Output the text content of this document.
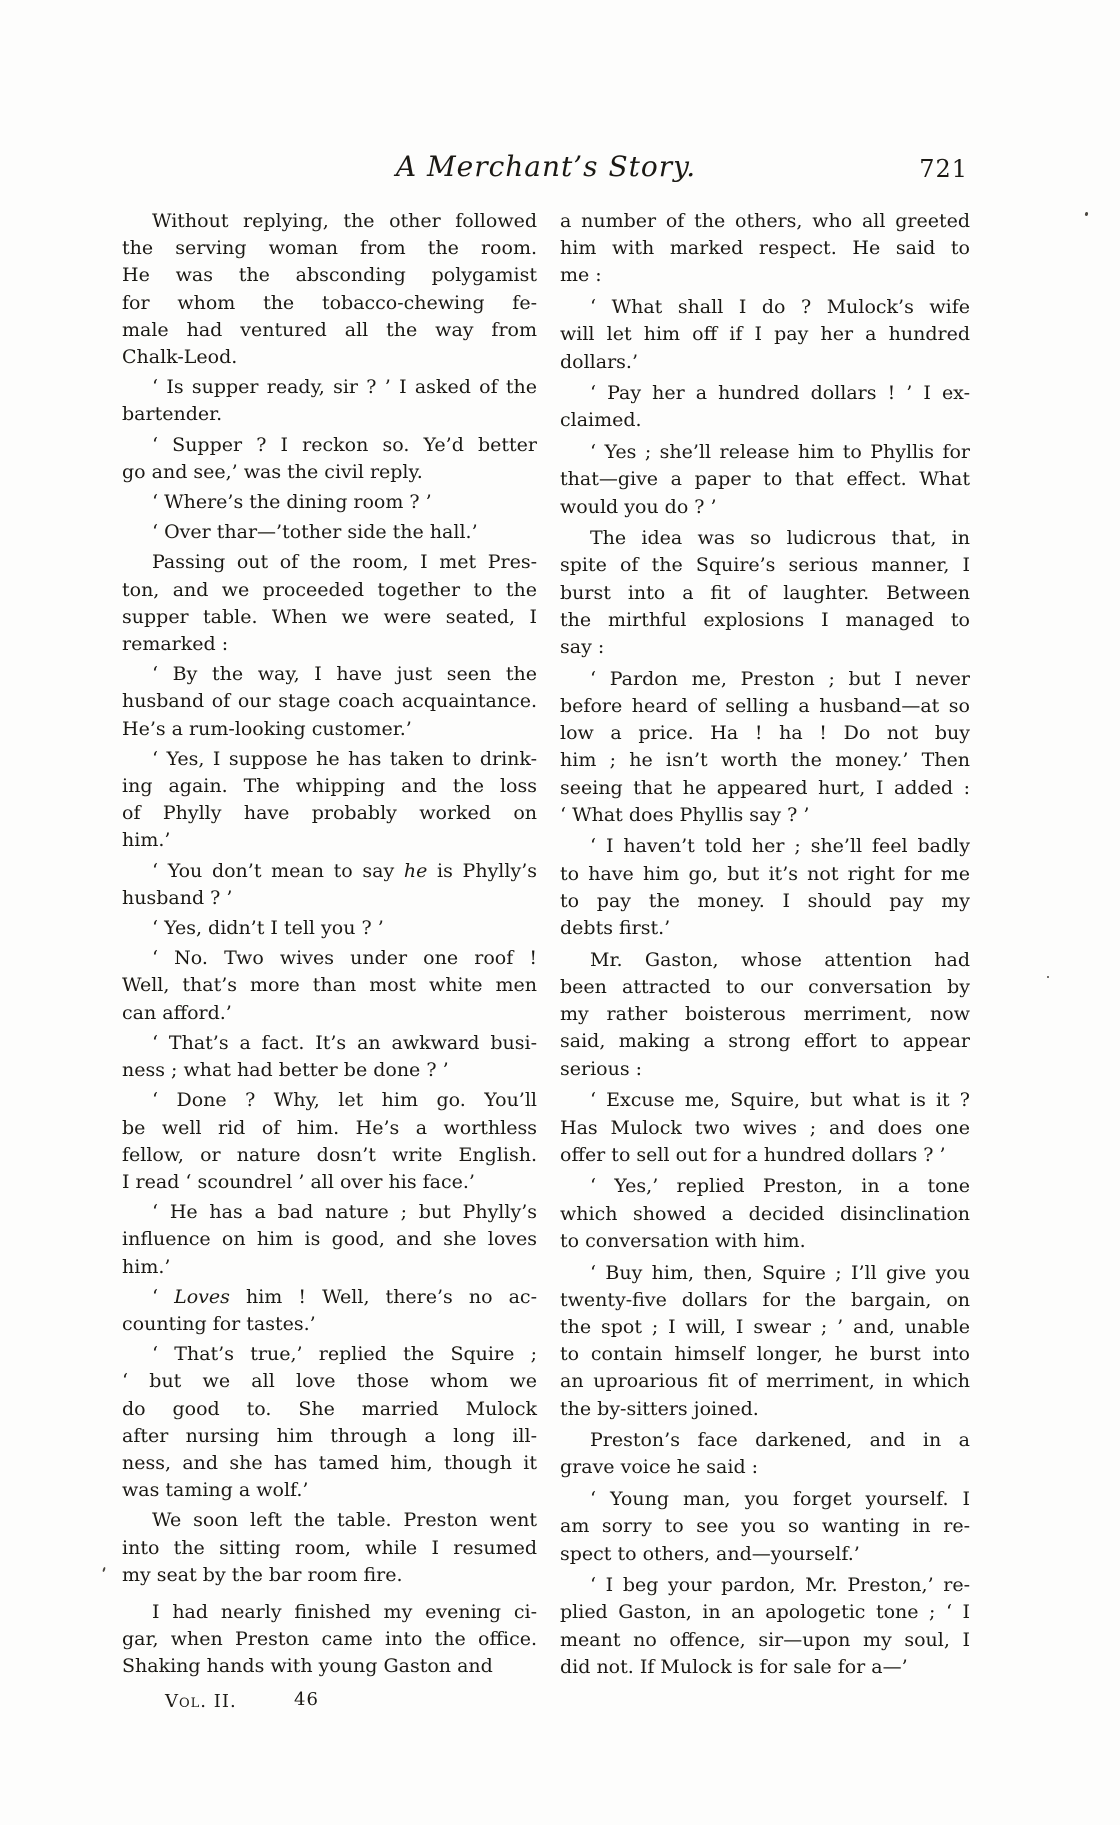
A Merchant’s Story.	721

Without replying, the other followed
the serving woman from the room.
He was the absconding polygamist
for whom the tobacco-chewing fe-
male had ventured all the way from
Chalk-Leod.

‘ Is supper ready, sir ? ’ I asked of the
bartender.

‘ Supper ? I reckon so. Ye’d better
go and see,’ was the civil reply.

‘ Where’s the dining room ? ’

‘ Over thar—’tother side the hall.’

Passing out of the room, I met Pres-
ton, and we proceeded together to the
supper table. When we were seated, I
remarked :

‘ By the way, I have just seen the
husband of our stage coach acquaintance.
He’s a rum-looking customer.’

‘ Yes, I suppose he has taken to drink-
ing again. The whipping and the loss
of Phylly have probably worked on
him.’

‘ You don’t mean to say he is Phylly’s
husband ? ’

‘ Yes, didn’t I tell you ? ’

‘ No. Two wives under one roof !
Well, that’s more than most white men
can afford.’

‘ That’s a fact. It’s an awkward busi-
ness ; what had better be done ? ’

‘ Done ? Why, let him go. You’ll
be well rid of him. He’s a worthless
fellow, or nature dosn’t write English.
I read ‘ scoundrel ’ all over his face.’

‘ He has a bad nature ; but Phylly’s
influence on him is good, and she loves
him.’

‘ Loves him ! Well, there’s no ac-
counting for tastes.’

‘ That’s true,’ replied the Squire ;
‘ but we all love those whom we
do good to. She married Mulock
after nursing him through a long ill-
ness, and she has tamed him, though it
was taming a wolf.’

We soon left the table. Preston went
into the sitting room, while I resumed
my seat by the bar room fire.

I had nearly finished my evening ci-
gar, when Preston came into the office.
Shaking hands with young Gaston and

a number of the others, who all greeted
him with marked respect. He said to
me :

‘ What shall I do ? Mulock’s wife
will let him off if I pay her a hundred
dollars.’

‘ Pay her a hundred dollars ! ’ I ex-
claimed.

‘ Yes ; she’ll release him to Phyllis for
that—give a paper to that effect. What
would you do ? ’

The idea was so ludicrous that, in
spite of the Squire’s serious manner, I
burst into a fit of laughter. Between
the mirthful explosions I managed to
say :

‘ Pardon me, Preston ; but I never
before heard of selling a husband—at so
low a price. Ha ! ha ! Do not buy
him ; he isn’t worth the money.’ Then
seeing that he appeared hurt, I added :
‘ What does Phyllis say ? ’

‘ I haven’t told her ; she’ll feel badly
to have him go, but it’s not right for me
to pay the money. I should pay my
debts first.’

Mr. Gaston, whose attention had
been attracted to our conversation by
my rather boisterous merriment, now
said, making a strong effort to appear
serious :

‘ Excuse me, Squire, but what is it ?
Has Mulock two wives ; and does one
offer to sell out for a hundred dollars ? ’

‘ Yes,’ replied Preston, in a tone
which showed a decided disinclination
to conversation with him.

‘ Buy him, then, Squire ; I’ll give you
twenty-five dollars for the bargain, on
the spot ; I will, I swear ; ’ and, unable
to contain himself longer, he burst into
an uproarious fit of merriment, in which
the by-sitters joined.

Preston’s face darkened, and in a
grave voice he said :

‘ Young man, you forget yourself. I
am sorry to see you so wanting in re-
spect to others, and—yourself.’

‘ I beg your pardon, Mr. Preston,’ re-
plied Gaston, in an apologetic tone ; ‘ I
meant no offence, sir—upon my soul, I
did not. If Mulock is for sale for a—’

Vol. II.	46
